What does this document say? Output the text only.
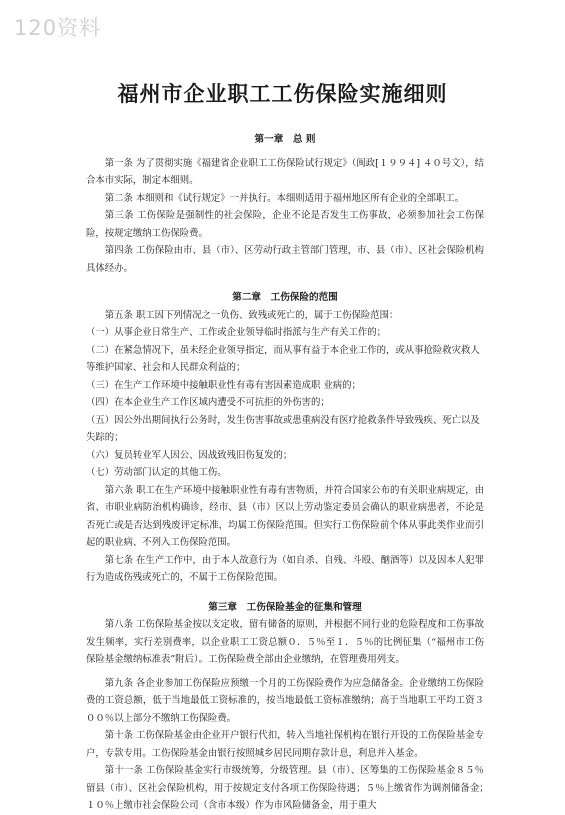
120资料
福州市企业职工工伤保险实施细则

第一章　总 则

第一条 为了贯彻实施《福建省企业职工工伤保险试行规定》（闽政[１９９４] ４０号文），结合本市实际，制定本细则。

第二条 本细则和《试行规定》一并执行。本细则适用于福州地区所有企业的全部职工。

第三条 工伤保险是强制性的社会保险，企业不论是否发生工伤事故，必须参加社会工伤保险，按规定缴纳工伤保险费。

第四条 工伤保险由市、县（市）、区劳动行政主管部门管理，市、县（市）、区社会保险机构具体经办。

第二章　工伤保险的范围

第五条 职工因下列情况之一负伤、致残或死亡的，属于工伤保险范围：

（一）从事企业日常生产、工作或企业领导临时指派与生产有关工作的；

（二）在紧急情况下，虽未经企业领导指定，而从事有益于本企业工作的，或从事抢险救灾救人等维护国家、社会和人民群众利益的；

（三）在生产工作环境中接触职业性有毒有害因素造成职 业病的；

（四）在本企业生产工作区域内遭受不可抗拒的外伤害的；

（五）因公外出期间执行公务时，发生伤害事故或患重病没有医疗抢救条件导致残疾、死亡以及失踪的；

（六）复员转业军人因公、因战致残旧伤复发的；

（七）劳动部门认定的其他工伤。

第六条 职工在生产环境中接触职业性有毒有害物质，并符合国家公布的有关职业病规定，由省、市职业病防治机构确诊，经市、县（市）区以上劳动鉴定委员会确认的职业病患者，不论是否死亡或是否达到残废评定标准，均属工伤保险范围。但实行工伤保险前个体从事此类作业而引起的职业病、不列入工伤保险范围。

第七条 在生产工作中，由于本人故意行为（如自杀、自残、斗殴、酗酒等）以及因本人犯罪行为造成伤残或死亡的，不属于工伤保险范围。

第三章　工伤保险基金的征集和管理

第八条 工伤保险基金按以支定收，留有储备的原则，并根据不同行业的危险程度和工伤事故发生频率，实行差别费率，以企业职工工资总额０．５％至１．５％的比例征集（“福州市工伤保险基金缴纳标准表”附后）。工伤保险费全部由企业缴纳，在管理费用列支。

第九条 各企业参加工伤保险应预缴一个月的工伤保险费作为应急储备金。企业缴纳工伤保险费的工资总额，低于当地最低工资标准的，按当地最低工资标准缴纳；高于当地职工平均工资３００％以上部分不缴纳工伤保险费。

第十条 工伤保险基金由企业开户银行代扣，转入当地社保机构在银行开设的工伤保险基金专户，专款专用。工伤保险基金由银行按照城乡居民同期存款计息，利息并入基金。

第十一条 工伤保险基金实行市级统筹，分级管理。县（市）、区筹集的工伤保险基金８５％留县（市）、区社会保险机构，用于按规定支付各项工伤保险待遇；５％上缴省作为调剂储备金；　１０％上缴市社会保险公司（含市本级）作为市风险储备金，用于重大
